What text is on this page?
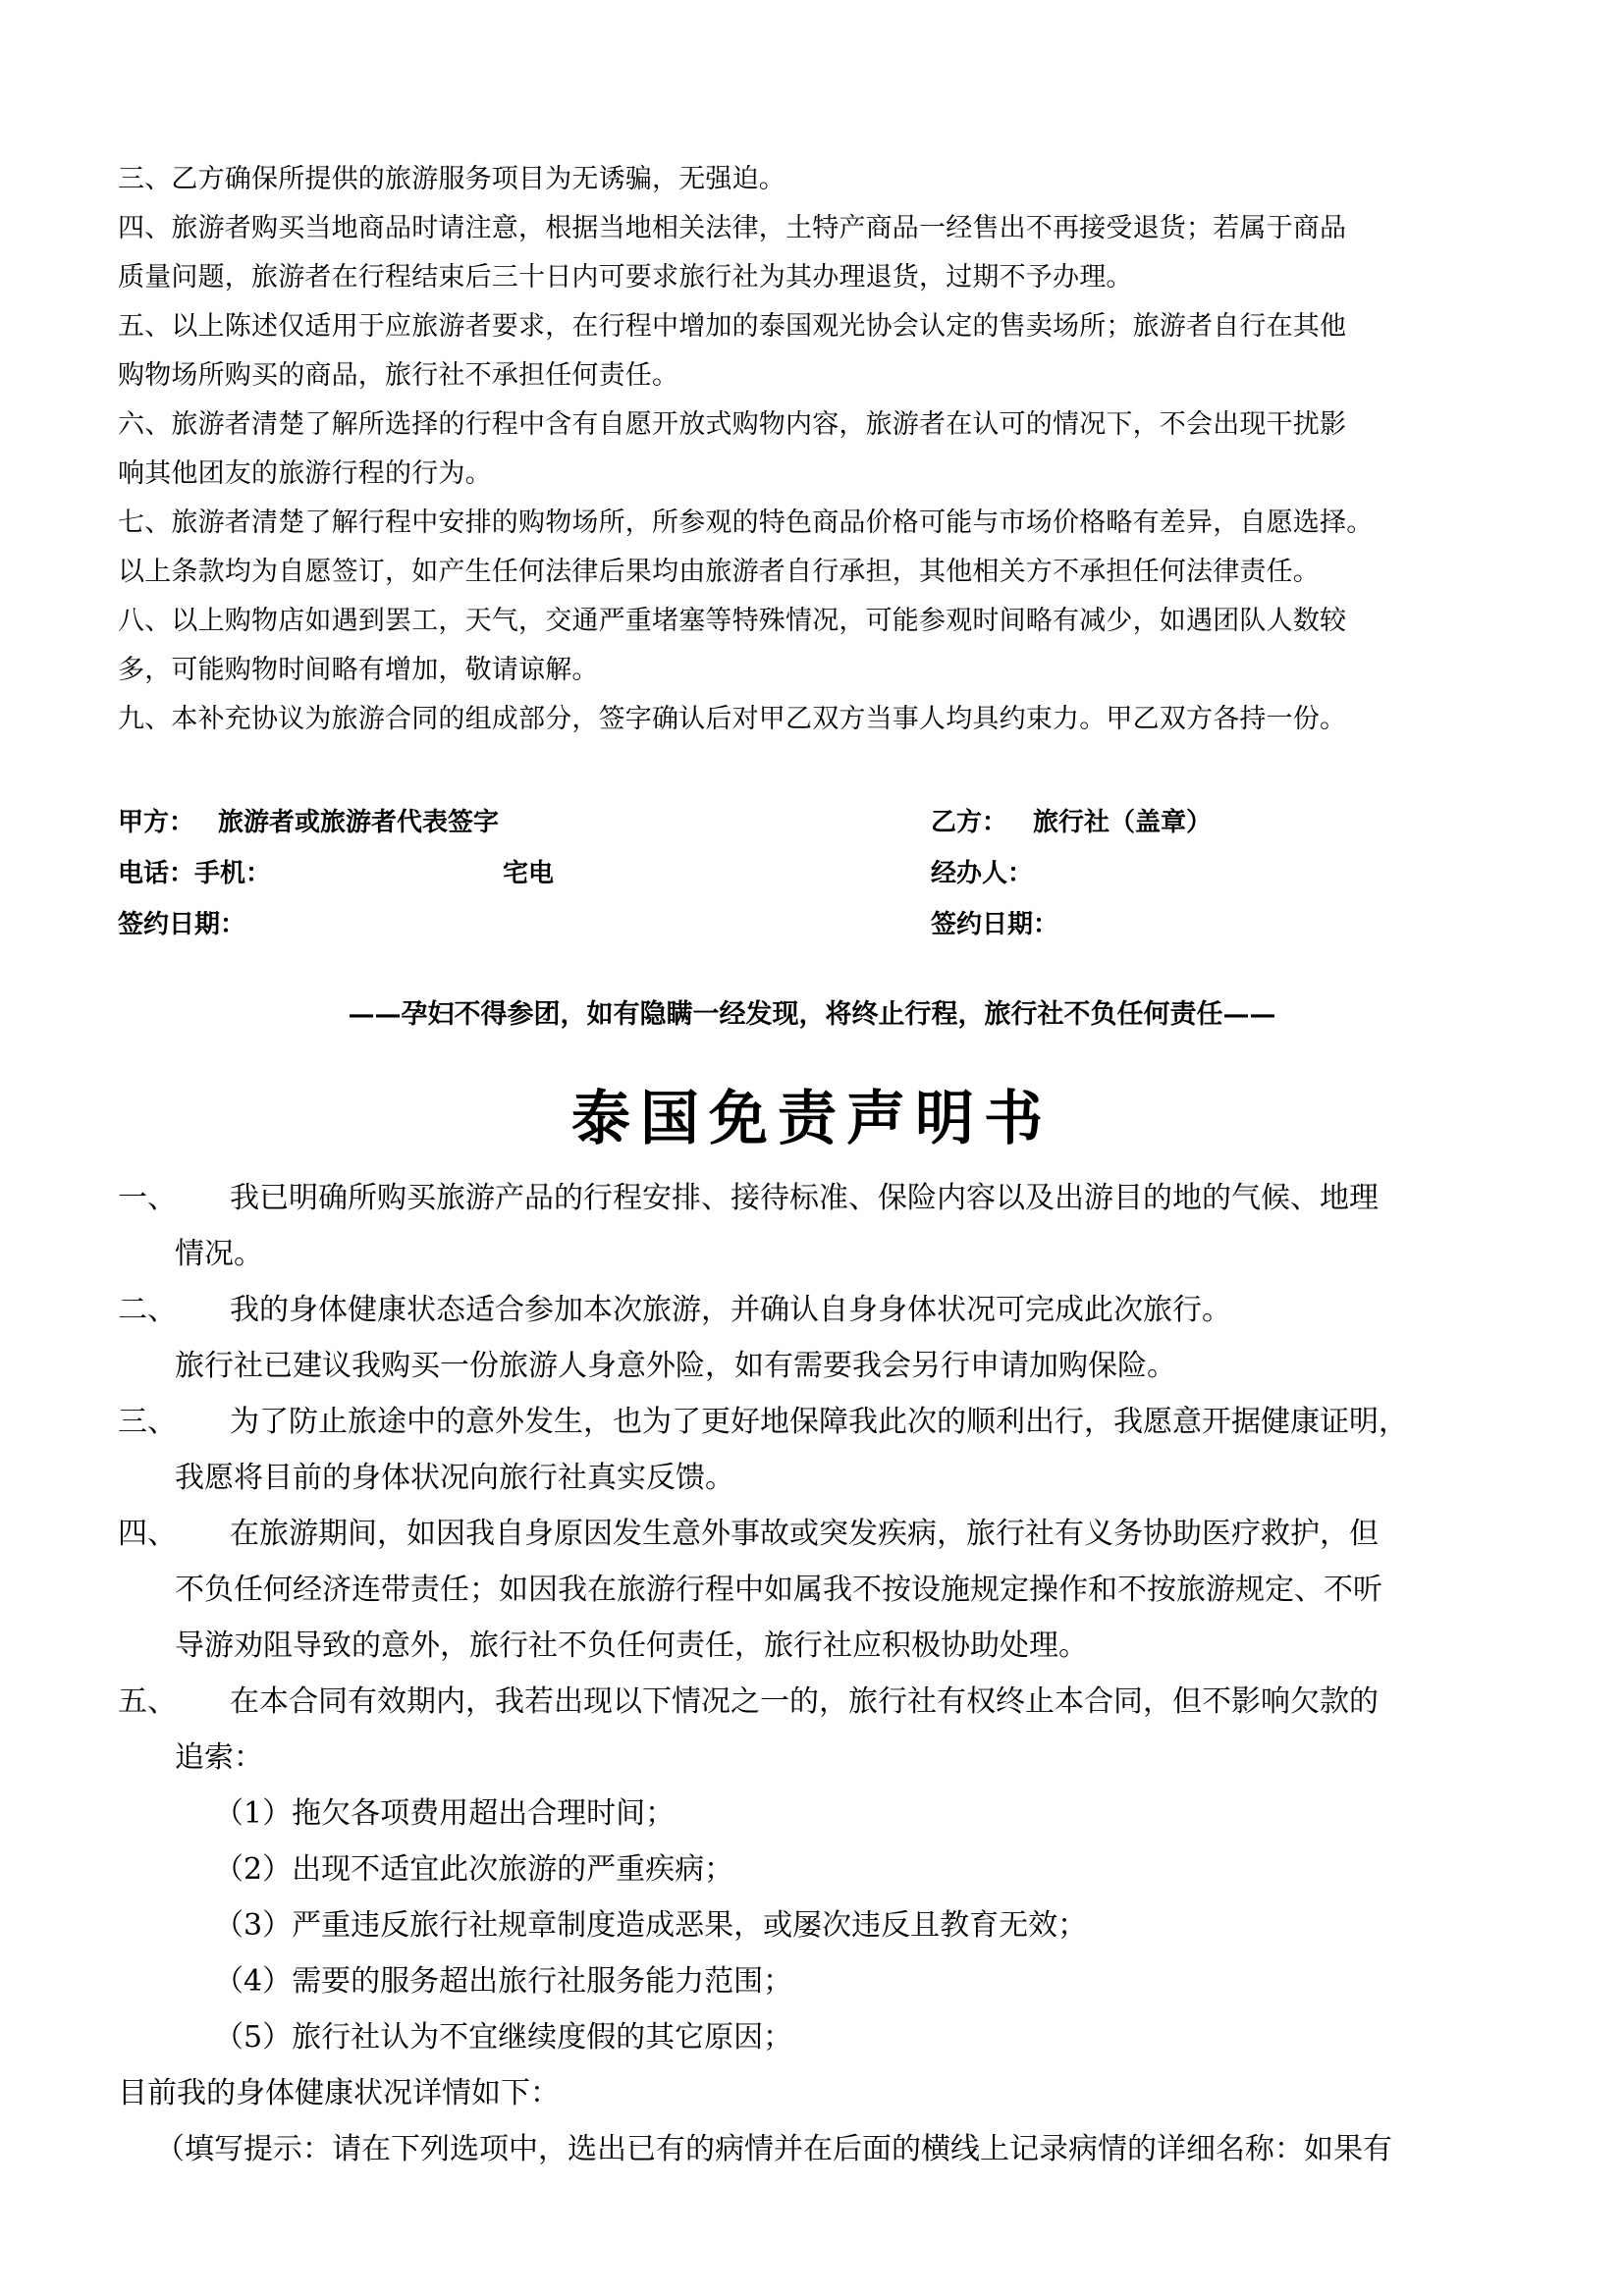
三、乙方确保所提供的旅游服务项目为无诱骗，无强迫。
四、旅游者购买当地商品时请注意，根据当地相关法律，土特产商品一经售出不再接受退货；若属于商品
质量问题，旅游者在行程结束后三十日内可要求旅行社为其办理退货，过期不予办理。
五、以上陈述仅适用于应旅游者要求，在行程中增加的泰国观光协会认定的售卖场所；旅游者自行在其他
购物场所购买的商品，旅行社不承担任何责任。
六、旅游者清楚了解所选择的行程中含有自愿开放式购物内容，旅游者在认可的情况下，不会出现干扰影
响其他团友的旅游行程的行为。
七、旅游者清楚了解行程中安排的购物场所，所参观的特色商品价格可能与市场价格略有差异，自愿选择。
以上条款均为自愿签订，如产生任何法律后果均由旅游者自行承担，其他相关方不承担任何法律责任。
八、以上购物店如遇到罢工，天气，交通严重堵塞等特殊情况，可能参观时间略有减少，如遇团队人数较
多，可能购物时间略有增加，敬请谅解。
九、本补充协议为旅游合同的组成部分，签字确认后对甲乙双方当事人均具约束力。甲乙双方各持一份。
甲方： 旅游者或旅游者代表签字	乙方： 旅行社（盖章）
电话：手机：	宅电	经办人：
签约日期：	签约日期：
——孕妇不得参团，如有隐瞒一经发现，将终止行程，旅行社不负任何责任——
泰国免责声明书
一、 我已明确所购买旅游产品的行程安排、接待标准、保险内容以及出游目的地的气候、地理
情况。
二、 我的身体健康状态适合参加本次旅游，并确认自身身体状况可完成此次旅行。
旅行社已建议我购买一份旅游人身意外险，如有需要我会另行申请加购保险。
三、 为了防止旅途中的意外发生，也为了更好地保障我此次的顺利出行，我愿意开据健康证明，
我愿将目前的身体状况向旅行社真实反馈。
四、 在旅游期间，如因我自身原因发生意外事故或突发疾病，旅行社有义务协助医疗救护，但
不负任何经济连带责任；如因我在旅游行程中如属我不按设施规定操作和不按旅游规定、不听
导游劝阻导致的意外，旅行社不负任何责任，旅行社应积极协助处理。
五、 在本合同有效期内，我若出现以下情况之一的，旅行社有权终止本合同，但不影响欠款的
追索：
（1）拖欠各项费用超出合理时间；
（2）出现不适宜此次旅游的严重疾病；
（3）严重违反旅行社规章制度造成恶果，或屡次违反且教育无效；
（4）需要的服务超出旅行社服务能力范围；
（5）旅行社认为不宜继续度假的其它原因；
目前我的身体健康状况详情如下：
（填写提示：请在下列选项中，选出已有的病情并在后面的横线上记录病情的详细名称：如果有
